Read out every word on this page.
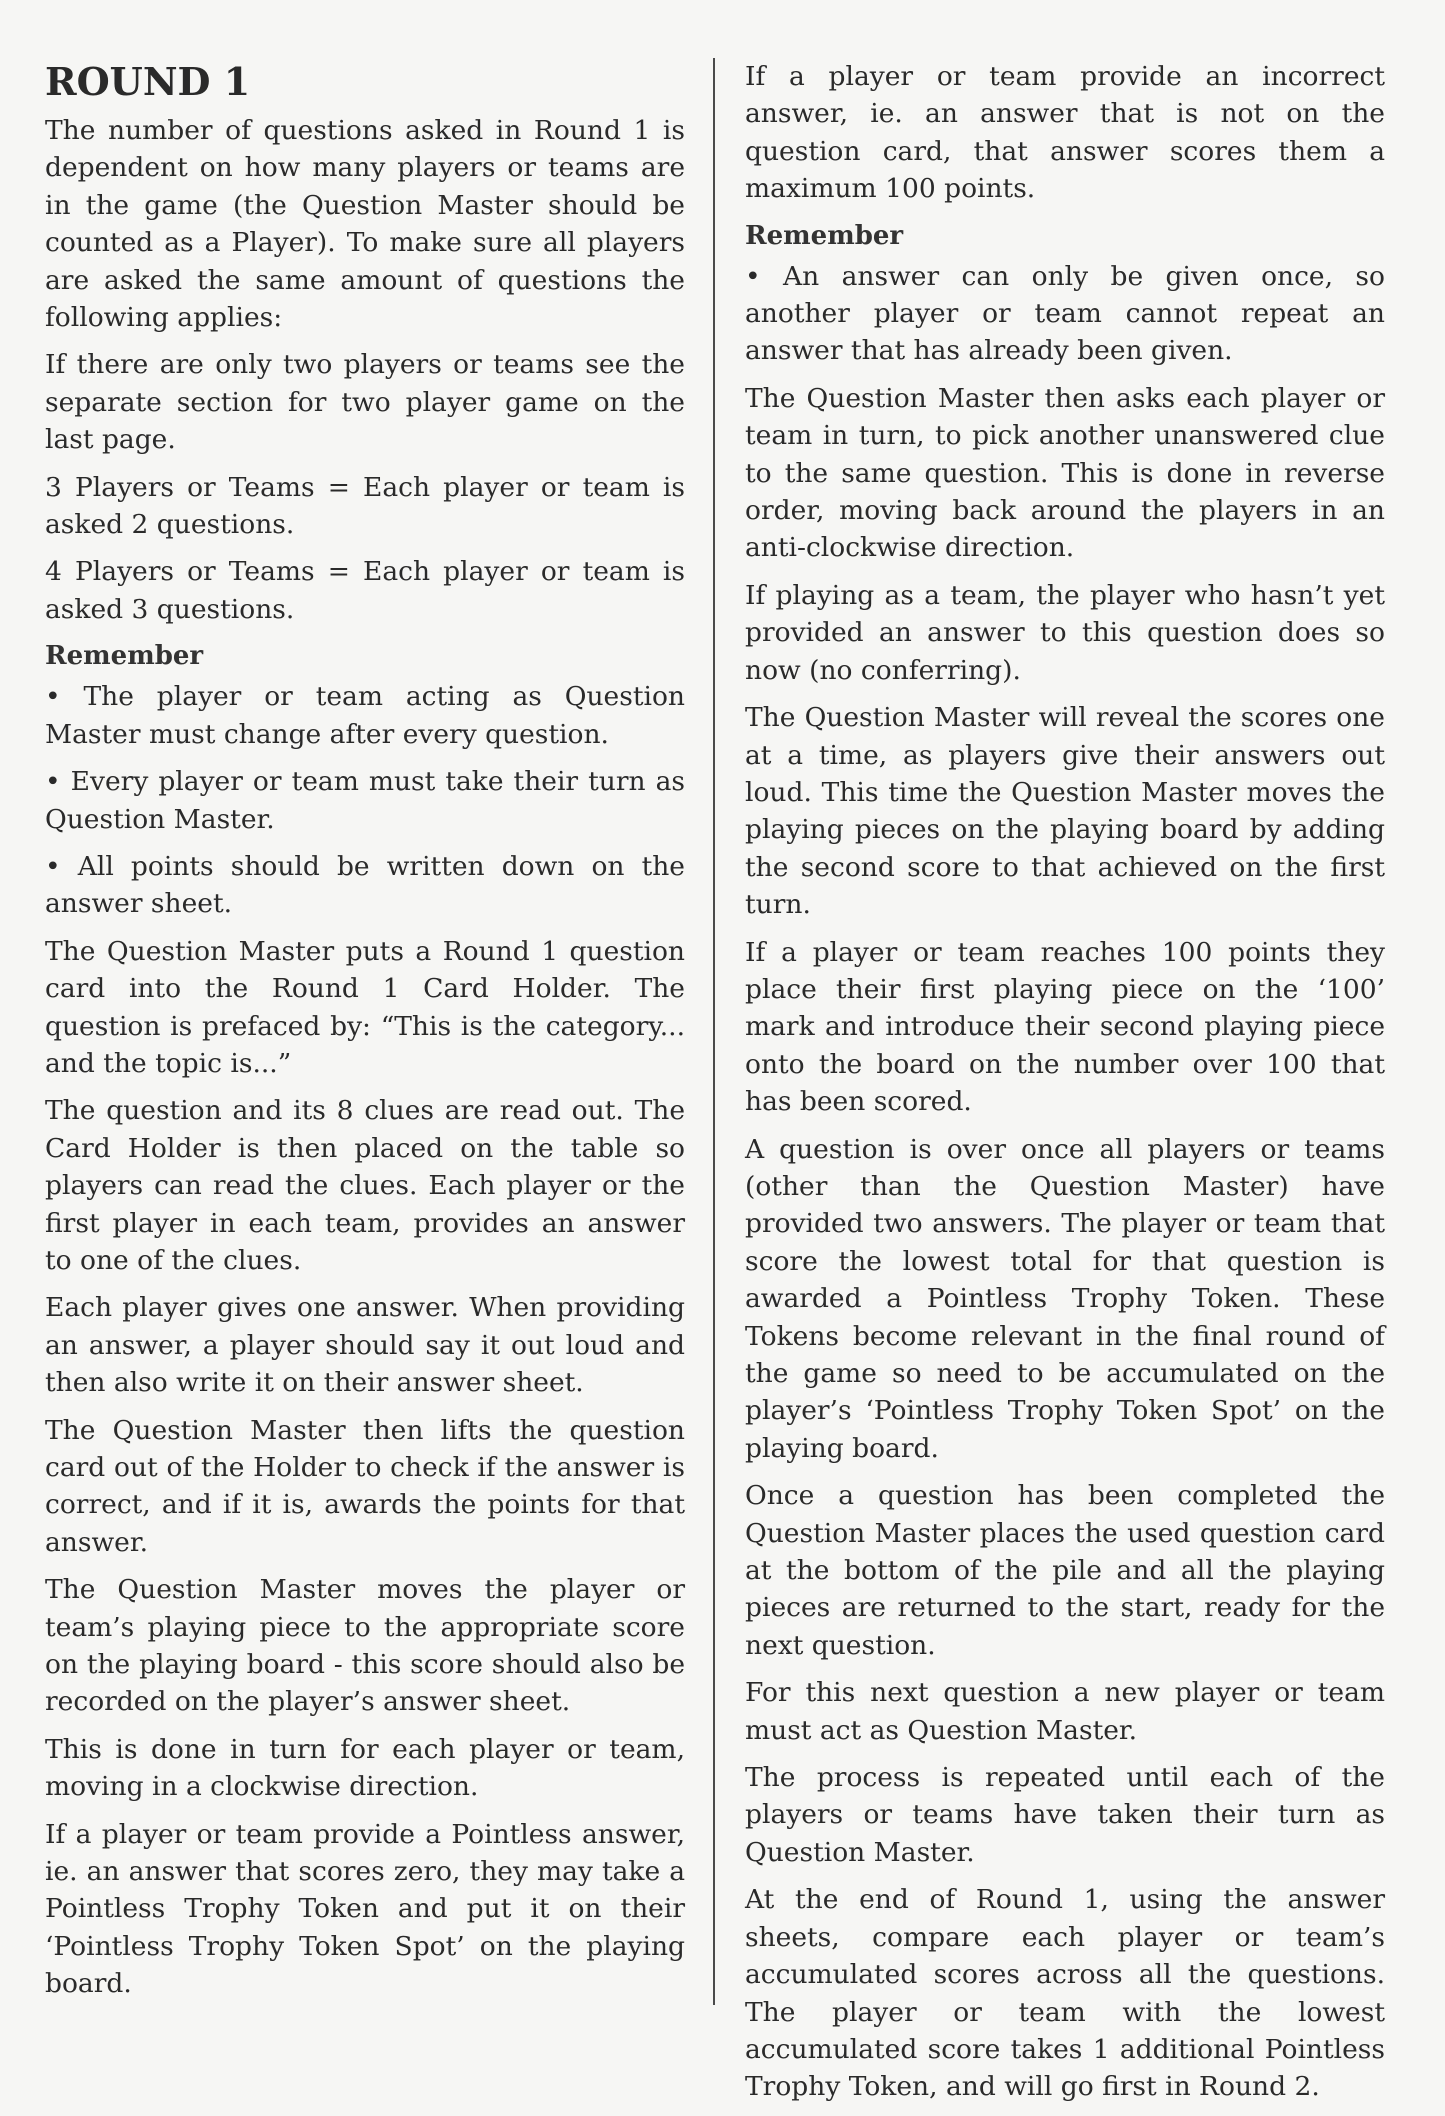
ROUND 1

The number of questions asked in Round 1 is dependent on how many players or teams are in the game (the Question Master should be counted as a Player). To make sure all players are asked the same amount of questions the following applies:

If there are only two players or teams see the separate section for two player game on the last page.

3 Players or Teams = Each player or team is asked 2 questions.

4 Players or Teams = Each player or team is asked 3 questions.

Remember

• The player or team acting as Question Master must change after every question.

• Every player or team must take their turn as Question Master.

• All points should be written down on the answer sheet.

The Question Master puts a Round 1 question card into the Round 1 Card Holder. The question is prefaced by: “This is the category... and the topic is...”

The question and its 8 clues are read out. The Card Holder is then placed on the table so players can read the clues. Each player or the first player in each team, provides an answer to one of the clues.

Each player gives one answer. When providing an answer, a player should say it out loud and then also write it on their answer sheet.

The Question Master then lifts the question card out of the Holder to check if the answer is correct, and if it is, awards the points for that answer.

The Question Master moves the player or team’s playing piece to the appropriate score on the playing board - this score should also be recorded on the player’s answer sheet.

This is done in turn for each player or team, moving in a clockwise direction.

If a player or team provide a Pointless answer, ie. an answer that scores zero, they may take a Pointless Trophy Token and put it on their ‘Pointless Trophy Token Spot’ on the playing board.

If a player or team provide an incorrect answer, ie. an answer that is not on the question card, that answer scores them a maximum 100 points.

Remember

• An answer can only be given once, so another player or team cannot repeat an answer that has already been given.

The Question Master then asks each player or team in turn, to pick another unanswered clue to the same question. This is done in reverse order, moving back around the players in an anti-clockwise direction.

If playing as a team, the player who hasn’t yet provided an answer to this question does so now (no conferring).

The Question Master will reveal the scores one at a time, as players give their answers out loud. This time the Question Master moves the playing pieces on the playing board by adding the second score to that achieved on the first turn.

If a player or team reaches 100 points they place their first playing piece on the ‘100’ mark and introduce their second playing piece onto the board on the number over 100 that has been scored.

A question is over once all players or teams (other than the Question Master) have provided two answers. The player or team that score the lowest total for that question is awarded a Pointless Trophy Token. These Tokens become relevant in the final round of the game so need to be accumulated on the player’s ‘Pointless Trophy Token Spot’ on the playing board.

Once a question has been completed the Question Master places the used question card at the bottom of the pile and all the playing pieces are returned to the start, ready for the next question.

For this next question a new player or team must act as Question Master.

The process is repeated until each of the players or teams have taken their turn as Question Master.

At the end of Round 1, using the answer sheets, compare each player or team’s accumulated scores across all the questions. The player or team with the lowest accumulated score takes 1 additional Pointless Trophy Token, and will go first in Round 2.
